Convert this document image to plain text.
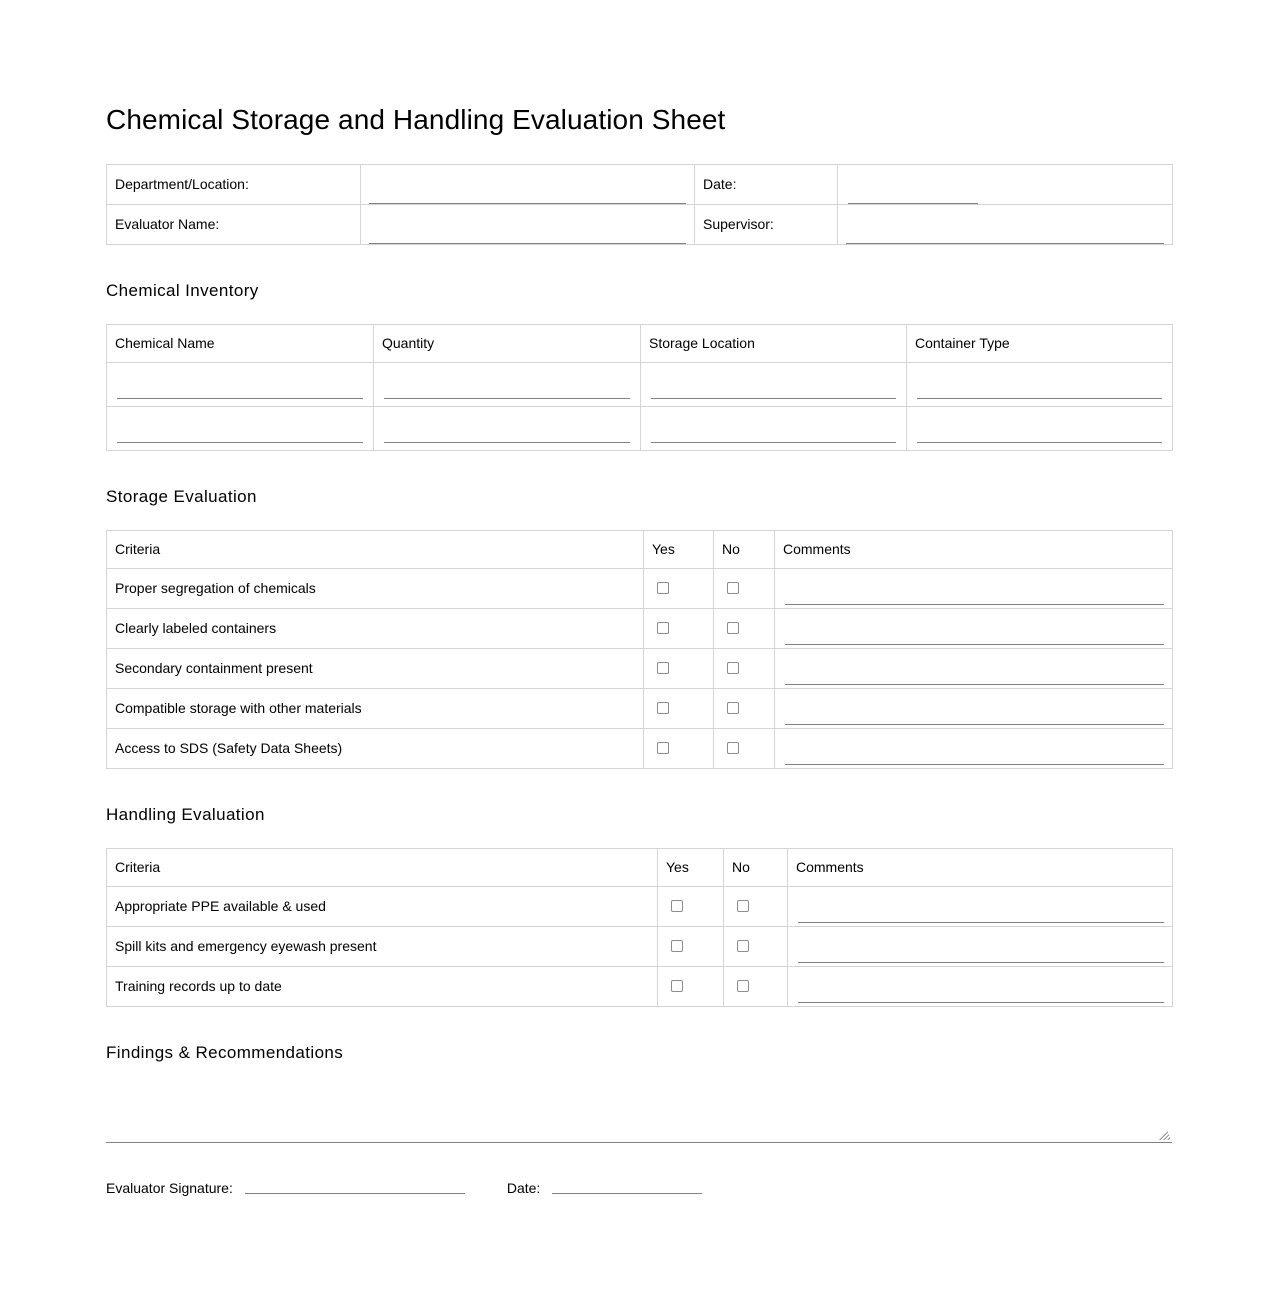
Chemical Storage and Handling Evaluation Sheet
Department/Location:		Date:	

Evaluator Name:		Supervisor:	
Chemical Inventory
Chemical Name	Quantity	Storage Location	Container Type

Storage Evaluation
Criteria	Yes	No	Comments
Proper segregation of chemicals			

Clearly labeled containers			

Secondary containment present			

Compatible storage with other materials			

Access to SDS (Safety Data Sheets)			
Handling Evaluation
Criteria	Yes	No	Comments
Appropriate PPE available & used			

Spill kits and emergency eyewash present			

Training records up to date			
Findings & Recommendations
Evaluator Signature:	Date:
